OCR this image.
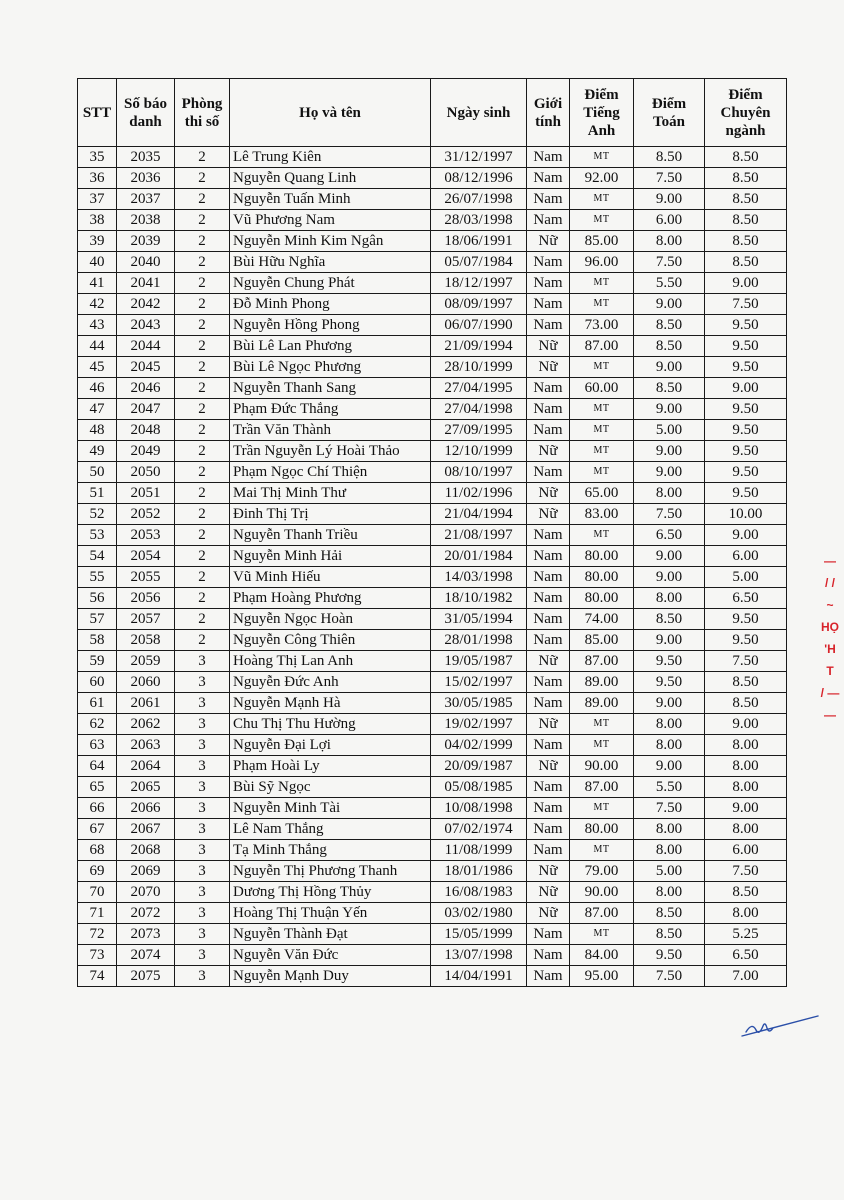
STT	Số báo danh	Phòng thi số	Họ và tên	Ngày sinh	Giới tính	Điểm Tiếng Anh	Điểm Toán	Điểm Chuyên ngành
35	2035	2	Lê Trung Kiên	31/12/1997	Nam	MT	8.50	8.50
36	2036	2	Nguyễn Quang Linh	08/12/1996	Nam	92.00	7.50	8.50
37	2037	2	Nguyễn Tuấn Minh	26/07/1998	Nam	MT	9.00	8.50
38	2038	2	Vũ Phương Nam	28/03/1998	Nam	MT	6.00	8.50
39	2039	2	Nguyễn Minh Kim Ngân	18/06/1991	Nữ	85.00	8.00	8.50
40	2040	2	Bùi Hữu Nghĩa	05/07/1984	Nam	96.00	7.50	8.50
41	2041	2	Nguyễn Chung Phát	18/12/1997	Nam	MT	5.50	9.00
42	2042	2	Đỗ Minh Phong	08/09/1997	Nam	MT	9.00	7.50
43	2043	2	Nguyễn Hồng Phong	06/07/1990	Nam	73.00	8.50	9.50
44	2044	2	Bùi Lê Lan Phương	21/09/1994	Nữ	87.00	8.50	9.50
45	2045	2	Bùi Lê Ngọc Phương	28/10/1999	Nữ	MT	9.00	9.50
46	2046	2	Nguyễn Thanh Sang	27/04/1995	Nam	60.00	8.50	9.00
47	2047	2	Phạm Đức Thắng	27/04/1998	Nam	MT	9.00	9.50
48	2048	2	Trần Văn Thành	27/09/1995	Nam	MT	5.00	9.50
49	2049	2	Trần Nguyễn Lý Hoài Thảo	12/10/1999	Nữ	MT	9.00	9.50
50	2050	2	Phạm Ngọc Chí Thiện	08/10/1997	Nam	MT	9.00	9.50
51	2051	2	Mai Thị Minh Thư	11/02/1996	Nữ	65.00	8.00	9.50
52	2052	2	Đinh Thị Trị	21/04/1994	Nữ	83.00	7.50	10.00
53	2053	2	Nguyễn Thanh Triều	21/08/1997	Nam	MT	6.50	9.00
54	2054	2	Nguyễn Minh Hải	20/01/1984	Nam	80.00	9.00	6.00
55	2055	2	Vũ Minh Hiếu	14/03/1998	Nam	80.00	9.00	5.00
56	2056	2	Phạm Hoàng Phương	18/10/1982	Nam	80.00	8.00	6.50
57	2057	2	Nguyễn Ngọc Hoàn	31/05/1994	Nam	74.00	8.50	9.50
58	2058	2	Nguyễn Công Thiên	28/01/1998	Nam	85.00	9.00	9.50
59	2059	3	Hoàng Thị Lan Anh	19/05/1987	Nữ	87.00	9.50	7.50
60	2060	3	Nguyễn Đức Anh	15/02/1997	Nam	89.00	9.50	8.50
61	2061	3	Nguyễn Mạnh Hà	30/05/1985	Nam	89.00	9.00	8.50
62	2062	3	Chu Thị Thu Hường	19/02/1997	Nữ	MT	8.00	9.00
63	2063	3	Nguyễn Đại Lợi	04/02/1999	Nam	MT	8.00	8.00
64	2064	3	Phạm Hoài Ly	20/09/1987	Nữ	90.00	9.00	8.00
65	2065	3	Bùi Sỹ Ngọc	05/08/1985	Nam	87.00	5.50	8.00
66	2066	3	Nguyễn Minh Tài	10/08/1998	Nam	MT	7.50	9.00
67	2067	3	Lê Nam Thắng	07/02/1974	Nam	80.00	8.00	8.00
68	2068	3	Tạ Minh Thắng	11/08/1999	Nam	MT	8.00	6.00
69	2069	3	Nguyễn Thị Phương Thanh	18/01/1986	Nữ	79.00	5.00	7.50
70	2070	3	Dương Thị Hồng Thủy	16/08/1983	Nữ	90.00	8.00	8.50
71	2072	3	Hoàng Thị Thuận Yến	03/02/1980	Nữ	87.00	8.50	8.00
72	2073	3	Nguyễn Thành Đạt	15/05/1999	Nam	MT	8.50	5.25
73	2074	3	Nguyễn Văn Đức	13/07/1998	Nam	84.00	9.50	6.50
74	2075	3	Nguyễn Mạnh Duy	14/04/1991	Nam	95.00	7.50	7.00
—
/ /
~
HỌ
'H
T
/ —
—
